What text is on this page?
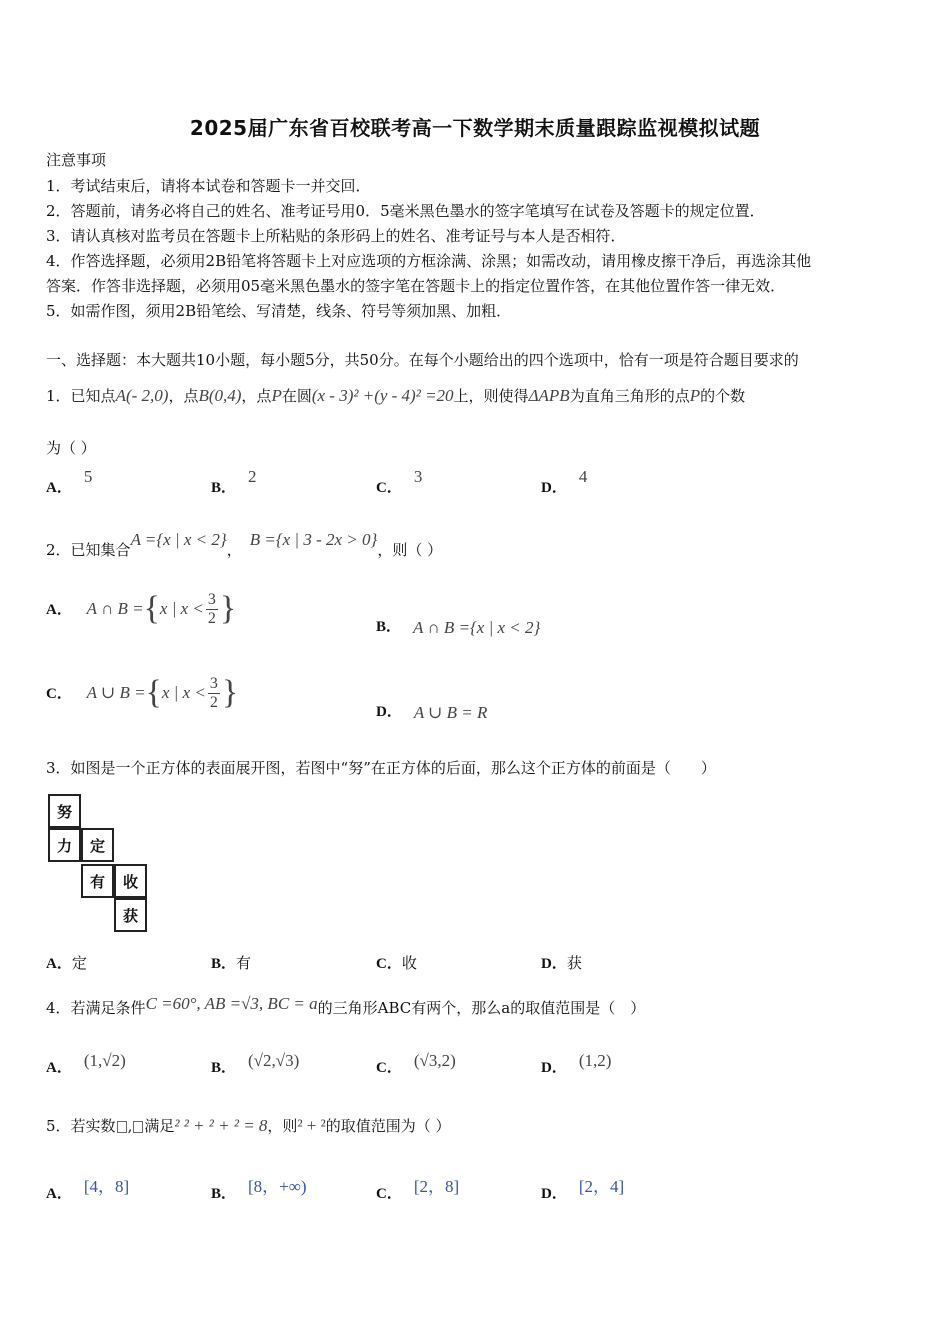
2025届广东省百校联考高一下数学期末质量跟踪监视模拟试题
注意事项
1．考试结束后，请将本试卷和答题卡一并交回．
2．答题前，请务必将自己的姓名、准考证号用0．5毫米黑色墨水的签字笔填写在试卷及答题卡的规定位置．
3．请认真核对监考员在答题卡上所粘贴的条形码上的姓名、准考证号与本人是否相符．
4．作答选择题，必须用2B铅笔将答题卡上对应选项的方框涂满、涂黑；如需改动，请用橡皮擦干净后，再选涂其他
答案．作答非选择题，必须用05毫米黑色墨水的签字笔在答题卡上的指定位置作答，在其他位置作答一律无效．
5．如需作图，须用2B铅笔绘、写清楚，线条、符号等须加黑、加粗．
一、选择题：本大题共10小题，每小题5分，共50分。在每个小题给出的四个选项中，恰有一项是符合题目要求的
1．已知点A(- 2,0)，点B(0,4)，点P在圆(x - 3)² +(y - 4)² =20上，则使得ΔAPB为直角三角形的点P的个数
为（ ）
A．5
B．2
C．3
D．4
2．已知集合A ={x | x < 2}，B ={x | 3 - 2x > 0}，则（ ）
A． A ∩ B = { x | $x < \frac{3}{2}$ }	B． A ∩ B ={x | x < 2}
C． A ∪ B = { x | $x < \frac{3}{2}$ }
D． A ∪ B = R
3．如图是一个正方体的表面展开图，若图中“努”在正方体的后面，那么这个正方体的前面是（　　）
努
力	定
有	收
获
A．定	B．有	C．收	D．获
4．若满足条件C =60°, AB =√3, BC = a的三角形ABC有两个，那么a的取值范围是（　）
A． (1,√2)	B． (√2,√3)	C． (√3,2)	D． (1,2)
5．若实数 , 满足² ² + ² + ² = 8，则² + ²的取值范围为（ ）
A． [4，8]	B． [8，+∞)	C． [2，8]	D． [2，4]
